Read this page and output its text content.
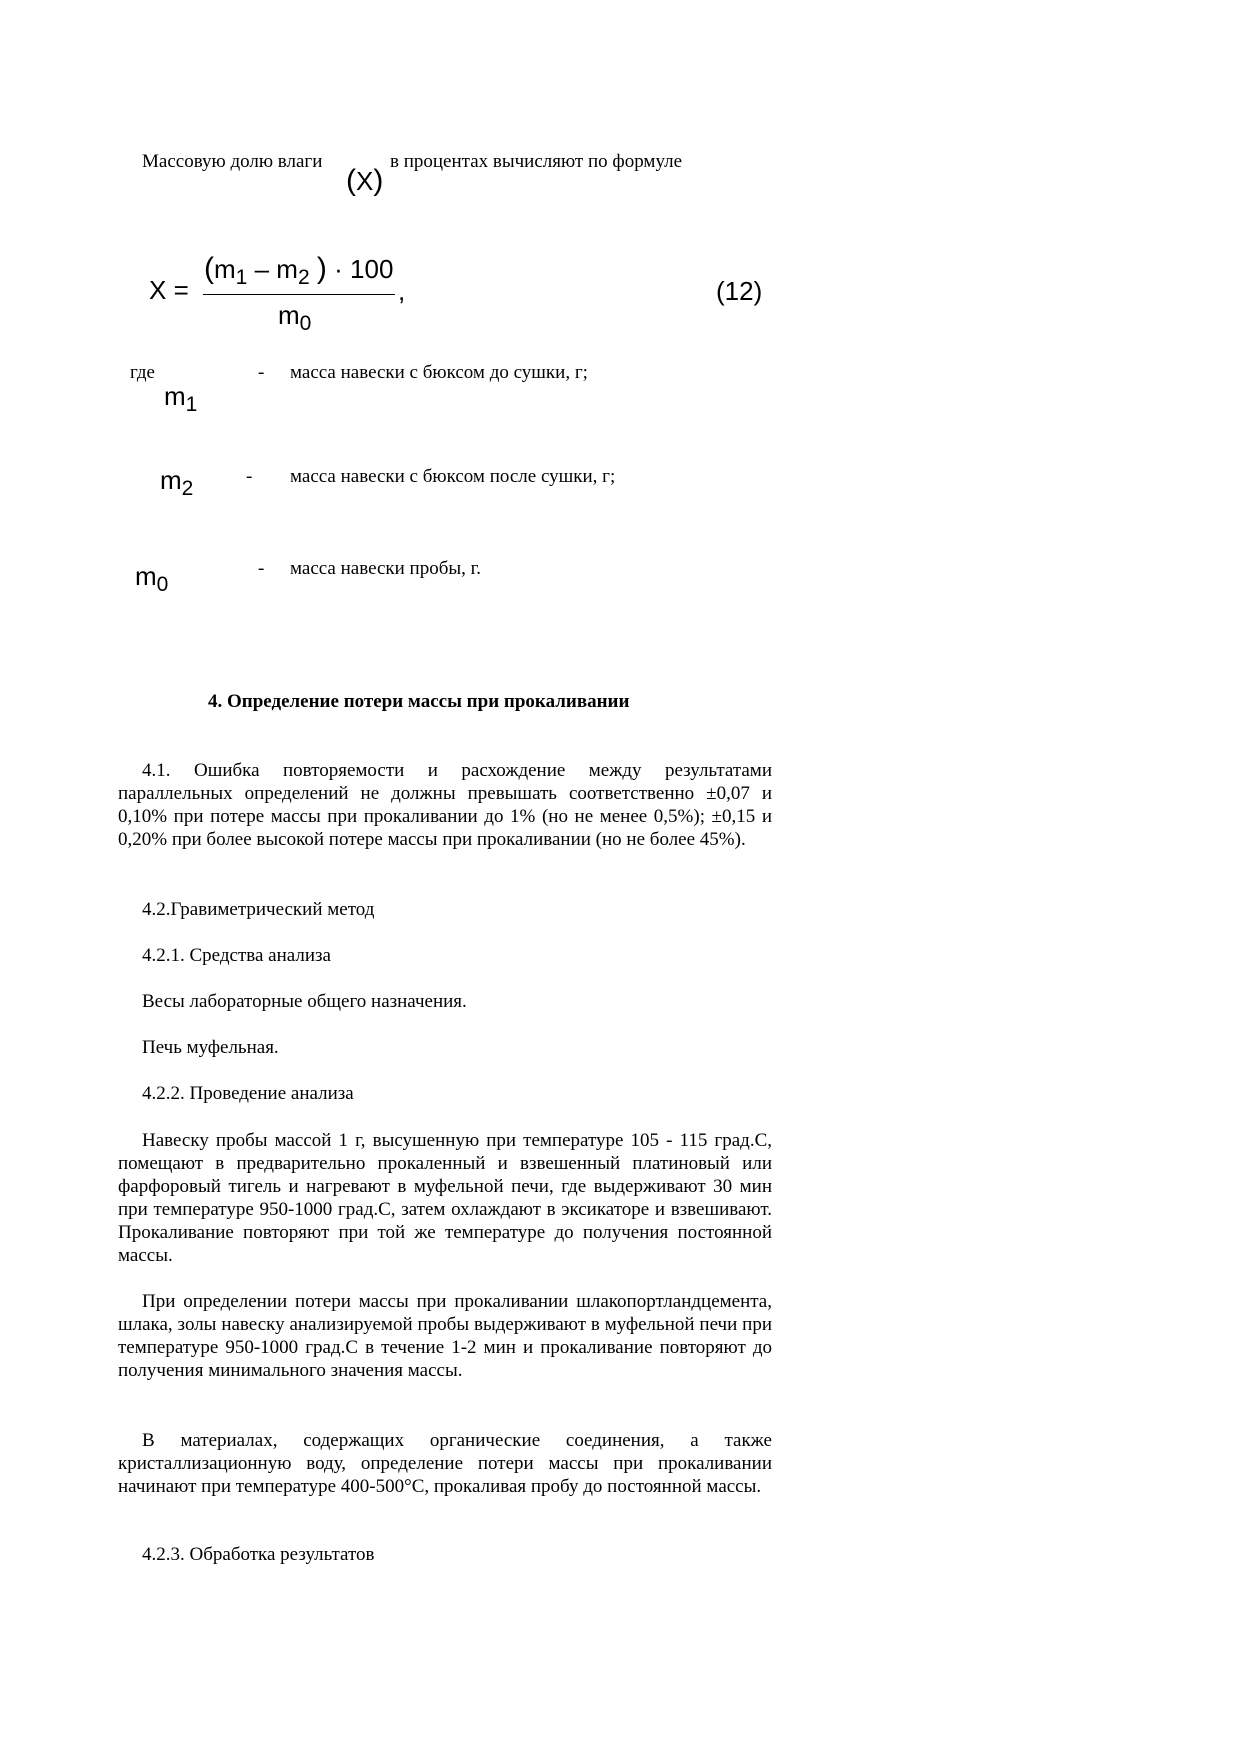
Массовую долю влаги
(X)
в процентах вычисляют по формуле
X =
($m_1 - m_2$ ) · 100
$m_0$
,	(12)
где
$m_1$
- масса навески с бюксом до сушки, г;
$m_2$
- масса навески с бюксом после сушки, г;
$m_0$
- масса навески пробы, г.
4. Определение потери массы при прокаливании
4.1. Ошибка повторяемости и расхождение между результатами параллельных определений не должны превышать соответственно ±0,07 и 0,10% при потере массы при прокаливании до 1% (но не менее 0,5%); ±0,15 и 0,20% при более высокой потере массы при прокаливании (но не более 45%).
4.2.Гравиметрический метод
4.2.1. Средства анализа
Весы лабораторные общего назначения.
Печь муфельная.
4.2.2. Проведение анализа
Навеску пробы массой 1 г, высушенную при температуре 105 - 115 град.С, помещают в предварительно прокаленный и взвешенный платиновый или фарфоровый тигель и нагревают в муфельной печи, где выдерживают 30 мин при температуре 950-1000 град.С, затем охлаждают в эксикаторе и взвешивают. Прокаливание повторяют при той же температуре до получения постоянной массы.
При определении потери массы при прокаливании шлакопортландцемента, шлака, золы навеску анализируемой пробы выдерживают в муфельной печи при температуре 950-1000 град.С в течение 1-2 мин и прокаливание повторяют до получения минимального значения массы.
В материалах, содержащих органические соединения, а также кристаллизационную воду, определение потери массы при прокаливании начинают при температуре 400-500°С, прокаливая пробу до постоянной массы.
4.2.3. Обработка результатов
